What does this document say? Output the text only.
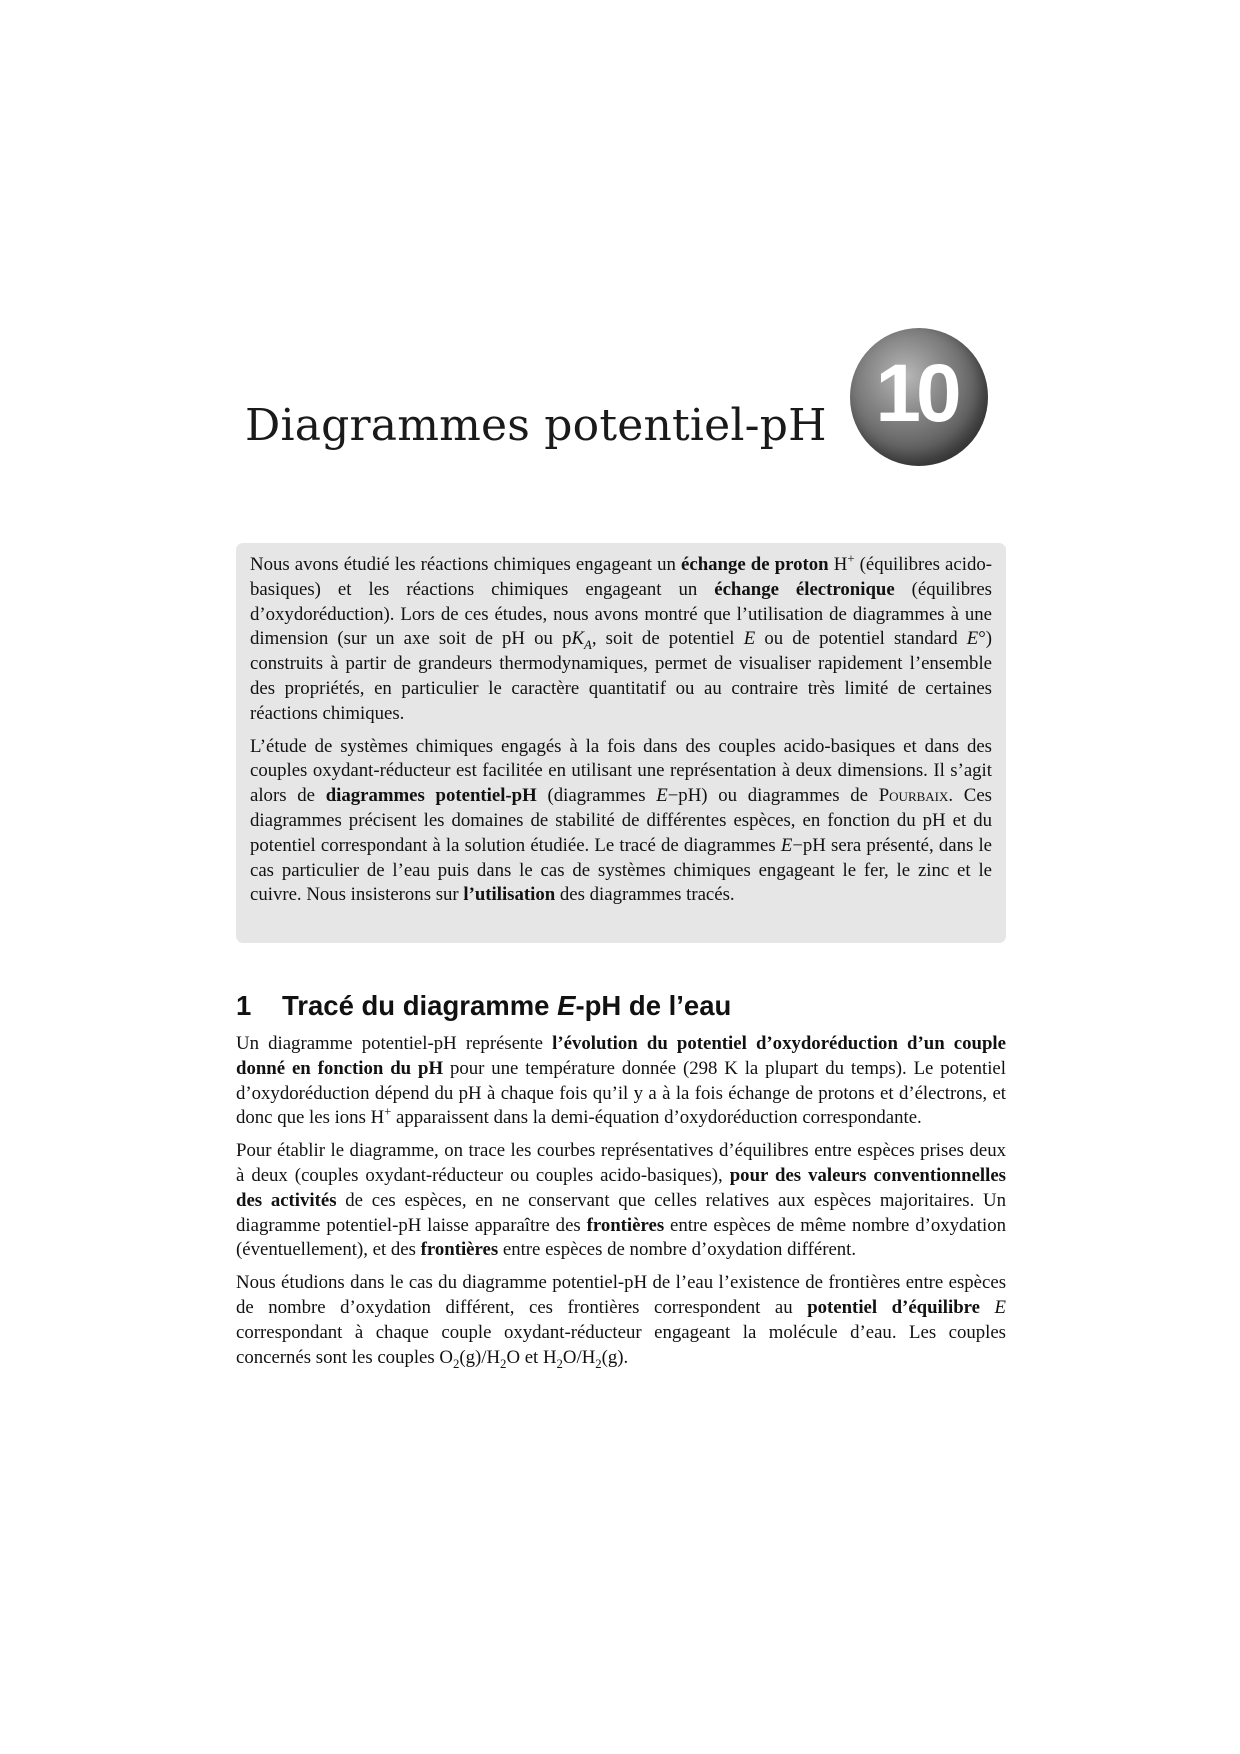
Diagrammes potentiel-pH 10

Nous avons étudié les réactions chimiques engageant un échange de proton H+ (équilibres acido-basiques) et les réactions chimiques engageant un échange électronique (équilibres d’oxydoréduction). Lors de ces études, nous avons montré que l’utilisation de diagrammes à une dimension (sur un axe soit de pH ou $pK_A$, soit de potentiel E ou de potentiel standard E°) construits à partir de grandeurs thermodynamiques, permet de visualiser rapidement l’ensemble des propriétés, en particulier le caractère quantitatif ou au contraire très limité de certaines réactions chimiques.

L’étude de systèmes chimiques engagés à la fois dans des couples acido-basiques et dans des couples oxydant-réducteur est facilitée en utilisant une représentation à deux dimensions. Il s’agit alors de diagrammes potentiel-pH (diagrammes E−pH) ou diagrammes de Pourbaix. Ces diagrammes précisent les domaines de stabilité de différentes espèces, en fonction du pH et du potentiel correspondant à la solution étudiée. Le tracé de diagrammes E−pH sera présenté, dans le cas particulier de l’eau puis dans le cas de systèmes chimiques engageant le fer, le zinc et le cuivre. Nous insisterons sur l’utilisation des diagrammes tracés.

1 Tracé du diagramme E-pH de l’eau

Un diagramme potentiel-pH représente l’évolution du potentiel d’oxydoréduction d’un couple donné en fonction du pH pour une température donnée (298 K la plupart du temps). Le potentiel d’oxydoréduction dépend du pH à chaque fois qu’il y a à la fois échange de protons et d’électrons, et donc que les ions H+ apparaissent dans la demi-équation d’oxydoréduction correspondante.

Pour établir le diagramme, on trace les courbes représentatives d’équilibres entre espèces prises deux à deux (couples oxydant-réducteur ou couples acido-basiques), pour des valeurs conventionnelles des activités de ces espèces, en ne conservant que celles relatives aux espèces majoritaires. Un diagramme potentiel-pH laisse apparaître des frontières entre espèces de même nombre d’oxydation (éventuellement), et des frontières entre espèces de nombre d’oxydation différent.

Nous étudions dans le cas du diagramme potentiel-pH de l’eau l’existence de frontières entre espèces de nombre d’oxydation différent, ces frontières correspondent au potentiel d’équilibre E correspondant à chaque couple oxydant-réducteur engageant la molécule d’eau. Les couples concernés sont les couples $O_2(g)/H_2O$ et $H_2O/H_2(g)$.
